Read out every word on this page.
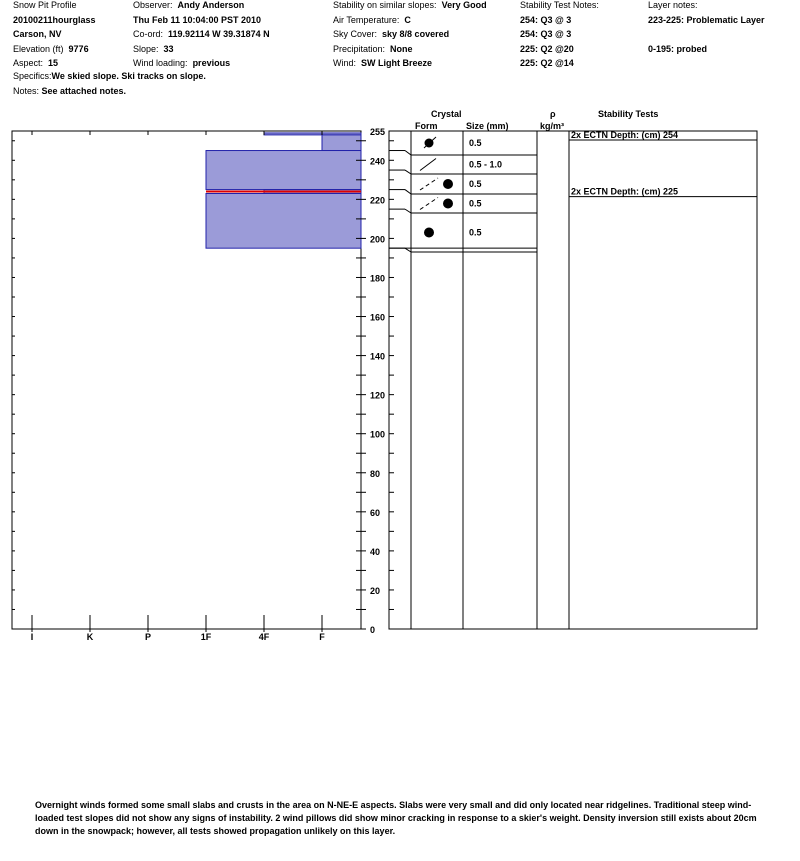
Snow Pit Profile
20100211hourglass
Carson, NV
Elevation (ft) 9776
Aspect: 15
Observer: Andy Anderson
Thu Feb 11 10:04:00 PST 2010
Co-ord: 119.92114 W 39.31874 N
Slope: 33
Wind loading: previous
Stability on similar slopes: Very Good
Air Temperature: C
Sky Cover: sky 8/8 covered
Precipitation: None
Wind: SW Light Breeze
Stability Test Notes:
254: Q3 @ 3
254: Q3 @ 3
225: Q2 @20
225: Q2 @14
Layer notes:
223-225: Problematic Layer
0-195: probed
Specifics:We skied slope. Ski tracks on slope.
Notes: See attached notes.
Crystal
Form	Size (mm)
ρ
kg/m³
Stability Tests
I	K	P	1F	4F	F
0
20
40
60
80
100
120
140
160
180
200
220
240
255
0.5
0.5 - 1.0
0.5
0.5
0.5
2x ECTN Depth: (cm) 254
2x ECTN Depth: (cm) 225
Overnight winds formed some small slabs and crusts in the area on N-NE-E aspects. Slabs were very small and did only located near ridgelines. Traditional steep wind-loaded test slopes did not show any signs of instability. 2 wind pillows did show minor cracking in response to a skier's weight. Density inversion still exists about 20cm down in the snowpack; however, all tests showed propagation unlikely on this layer.
